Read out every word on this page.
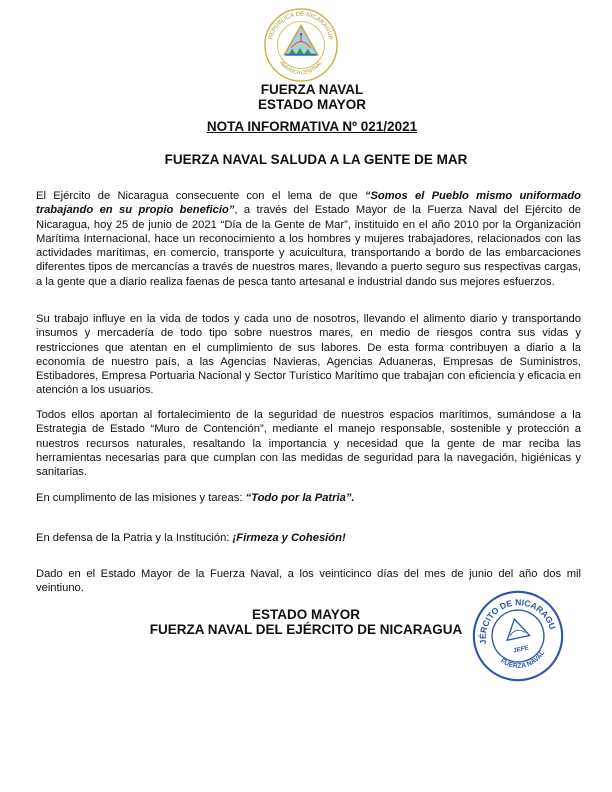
REPÚBLICA DE NICARAGUA
AMERICA CENTRAL
FUERZA NAVAL
ESTADO MAYOR
NOTA INFORMATIVA Nº 021/2021
FUERZA NAVAL SALUDA A LA GENTE DE MAR
El Ejército de Nicaragua consecuente con el lema de que “Somos el Pueblo mismo uniformado trabajando en su propio beneficio”, a través del Estado Mayor de la Fuerza Naval del Ejército de Nicaragua, hoy 25 de junio de 2021 “Día de la Gente de Mar”, instituido en el año 2010 por la Organización Marítima Internacional, hace un reconocimiento a los hombres y mujeres trabajadores, relacionados con las actividades marítimas, en comercio, transporte y acuicultura, transportando a bordo de las embarcaciones diferentes tipos de mercancías a través de nuestros mares, llevando a puerto seguro sus respectivas cargas, a la gente que a diario realiza faenas de pesca tanto artesanal e industrial dando sus mejores esfuerzos.
Su trabajo influye en la vida de todos y cada uno de nosotros, llevando el alimento diario y transportando insumos y mercadería de todo tipo sobre nuestros mares, en medio de riesgos contra sus vidas y restricciones que atentan en el cumplimiento de sus labores. De esta forma contribuyen a diario a la economía de nuestro país, a las Agencias Navieras, Agencias Aduaneras, Empresas de Suministros, Estibadores, Empresa Portuaria Nacional y Sector Turístico Marítimo que trabajan con eficiencia y eficacia en atención a los usuarios.
Todos ellos aportan al fortalecimiento de la seguridad de nuestros espacios marítimos, sumándose a la Estrategia de Estado “Muro de Contención”, mediante el manejo responsable, sostenible y protección a nuestros recursos naturales, resaltando la importancia y necesidad que la gente de mar reciba las herramientas necesarias para que cumplan con las medidas de seguridad para la navegación, higiénicas y sanitarias.
En cumplimento de las misiones y tareas: “Todo por la Patria”.
En defensa de la Patria y la Institución: ¡Firmeza y Cohesión!
Dado en el Estado Mayor de la Fuerza Naval, a los veinticinco días del mes de junio del año dos mil veintiuno.
ESTADO MAYOR
FUERZA NAVAL DEL EJÉRCITO DE NICARAGUA
EJÉRCITO DE NICARAGUA
FUERZA NAVAL
JEFE
